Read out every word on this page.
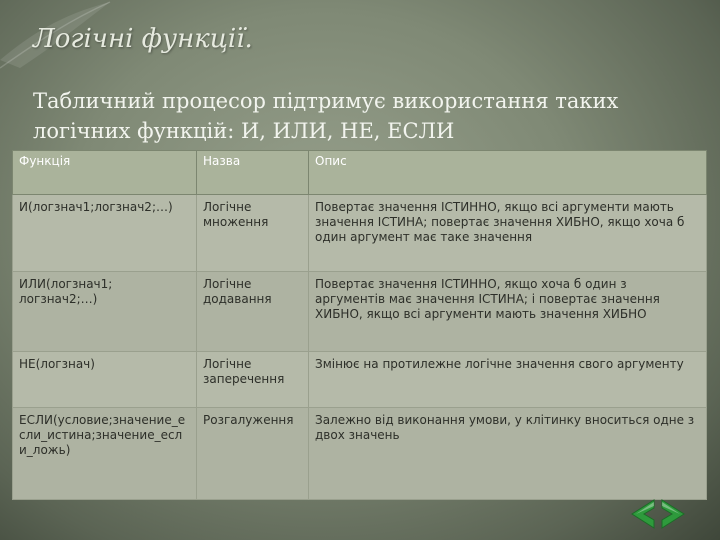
Логічні функції.
Табличний процесор підтримує використання таких логічних функцій: И, ИЛИ, НЕ, ЕСЛИ
Функція	Назва	Опис
И(логзнач1;логзнач2;…)	Логічне множення	Повертає значення ІСТИННО, якщо всі аргументи мають значення ІСТИНА; повертає значення ХИБНО, якщо хоча б один аргумент має таке значення
ИЛИ(логзнач1; логзнач2;…)	Логічне додавання	Повертає значення ІСТИННО, якщо хоча б один з аргументів має значення ІСТИНА; і повертає значення ХИБНО, якщо всі аргументи мають значення ХИБНО
НЕ(логзнач)	Логічне заперечення	Змінює на протилежне логічне значення свого аргументу
ЕСЛИ(условие;значение_если_истина;значение_если_ложь)	Розгалуження	Залежно від виконання умови, у клітинку вноситься одне з двох значень
